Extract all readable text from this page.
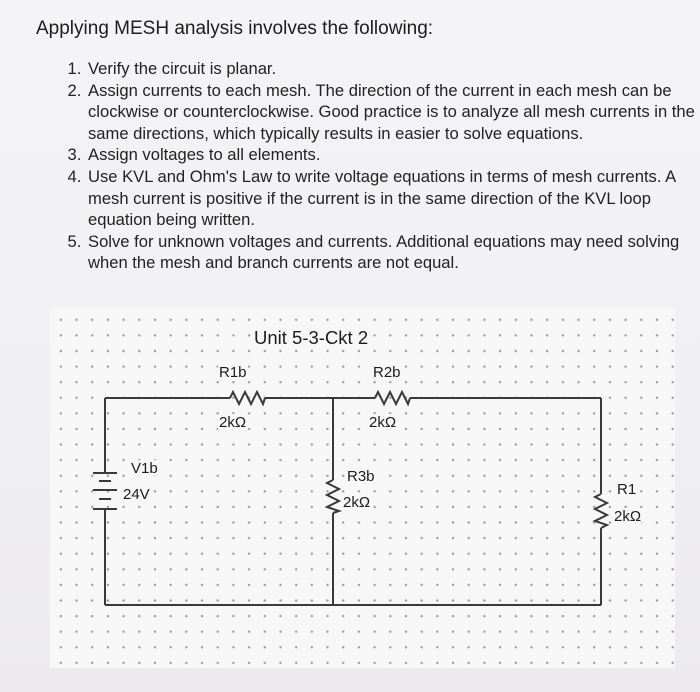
Applying MESH analysis involves the following:
1. Verify the circuit is planar.
2. Assign currents to each mesh. The direction of the current in each mesh can be clockwise or counterclockwise. Good practice is to analyze all mesh currents in the same directions, which typically results in easier to solve equations.
3. Assign voltages to all elements.
4. Use KVL and Ohm's Law to write voltage equations in terms of mesh currents. A mesh current is positive if the current is in the same direction of the KVL loop equation being written.
5. Solve for unknown voltages and currents. Additional equations may need solving when the mesh and branch currents are not equal.
Unit 5-3-Ckt 2
R1b
2kΩ
R2b
2kΩ
R3b
2kΩ
R1
2kΩ
V1b
24V
